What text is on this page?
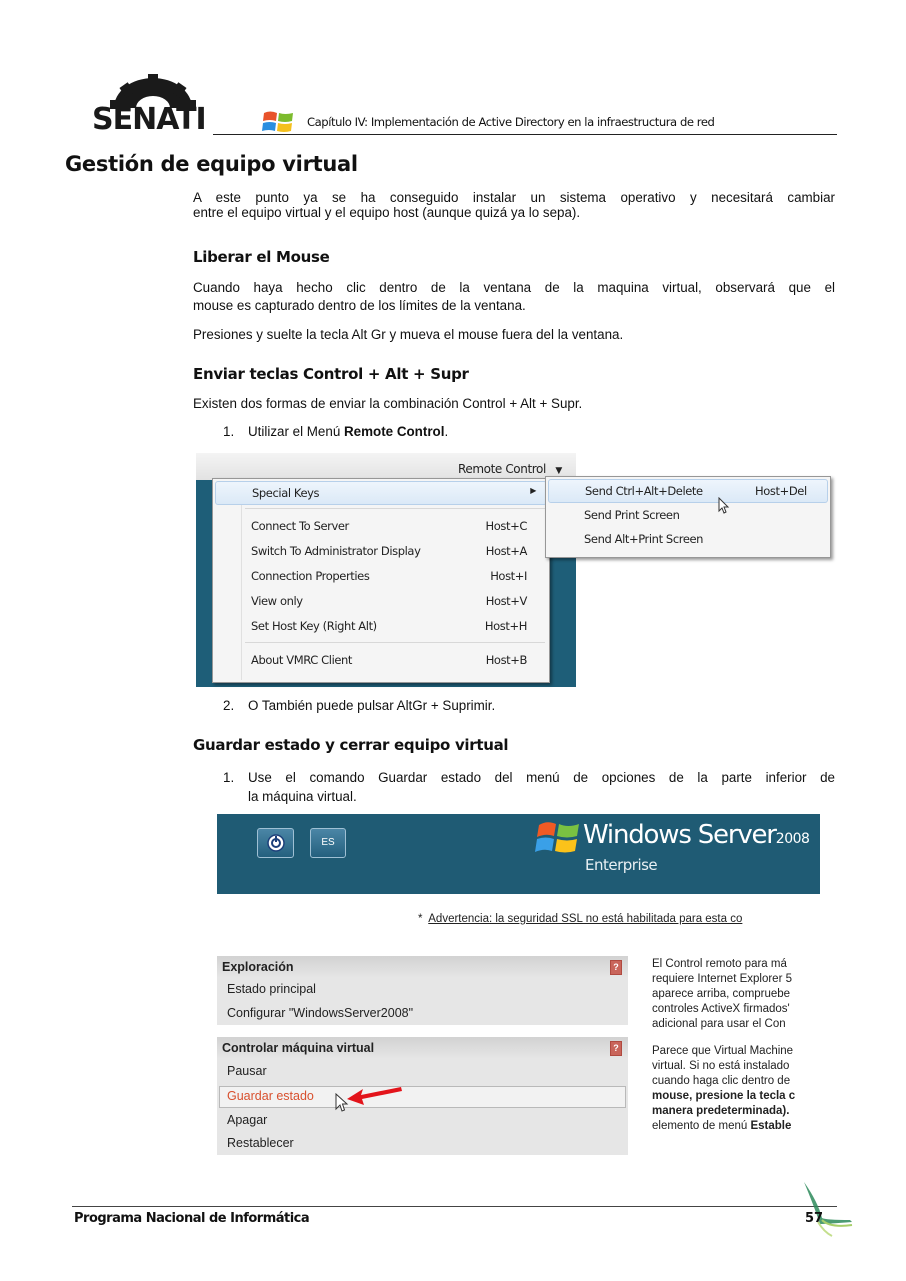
SENATI	Capítulo IV: Implementación de Active Directory en la infraestructura de red
Gestión de equipo virtual
A este punto ya se ha conseguido instalar un sistema operativo y necesitará cambiar
entre el equipo virtual y el equipo host (aunque quizá ya lo sepa).
Liberar el Mouse
Cuando haya hecho clic dentro de la ventana de la maquina virtual, observará que el
mouse es capturado dentro de los límites de la ventana.
Presiones y suelte la tecla Alt Gr y mueva el mouse fuera del la ventana.
Enviar teclas Control + Alt + Supr
Existen dos formas de enviar la combinación Control + Alt + Supr.
1. Utilizar el Menú Remote Control.
Remote Control ▼
Special Keys	▶
Connect To Server	Host+C
Switch To Administrator Display	Host+A
Connection Properties	Host+I
View only	Host+V
Set Host Key (Right Alt)	Host+H
About VMRC Client	Host+B
Send Ctrl+Alt+Delete	Host+Del
Send Print Screen
Send Alt+Print Screen
2. O También puede pulsar AltGr + Suprimir.
Guardar estado y cerrar equipo virtual
1. Use el comando Guardar estado del menú de opciones de la parte inferior de
la máquina virtual.
ES	Windows Server2008
Enterprise
* Advertencia: la seguridad SSL no está habilitada para esta co
Exploración	?
Estado principal
Configurar "WindowsServer2008"
Controlar máquina virtual	?
Pausar
Guardar estado
Apagar
Restablecer
El Control remoto para má
requiere Internet Explorer 5
aparece arriba, compruebe
controles ActiveX firmados'
adicional para usar el Con
Parece que Virtual Machine
virtual. Si no está instalado
cuando haga clic dentro de
mouse, presione la tecla c
manera predeterminada).
elemento de menú Estable
Programa Nacional de Informática	57
